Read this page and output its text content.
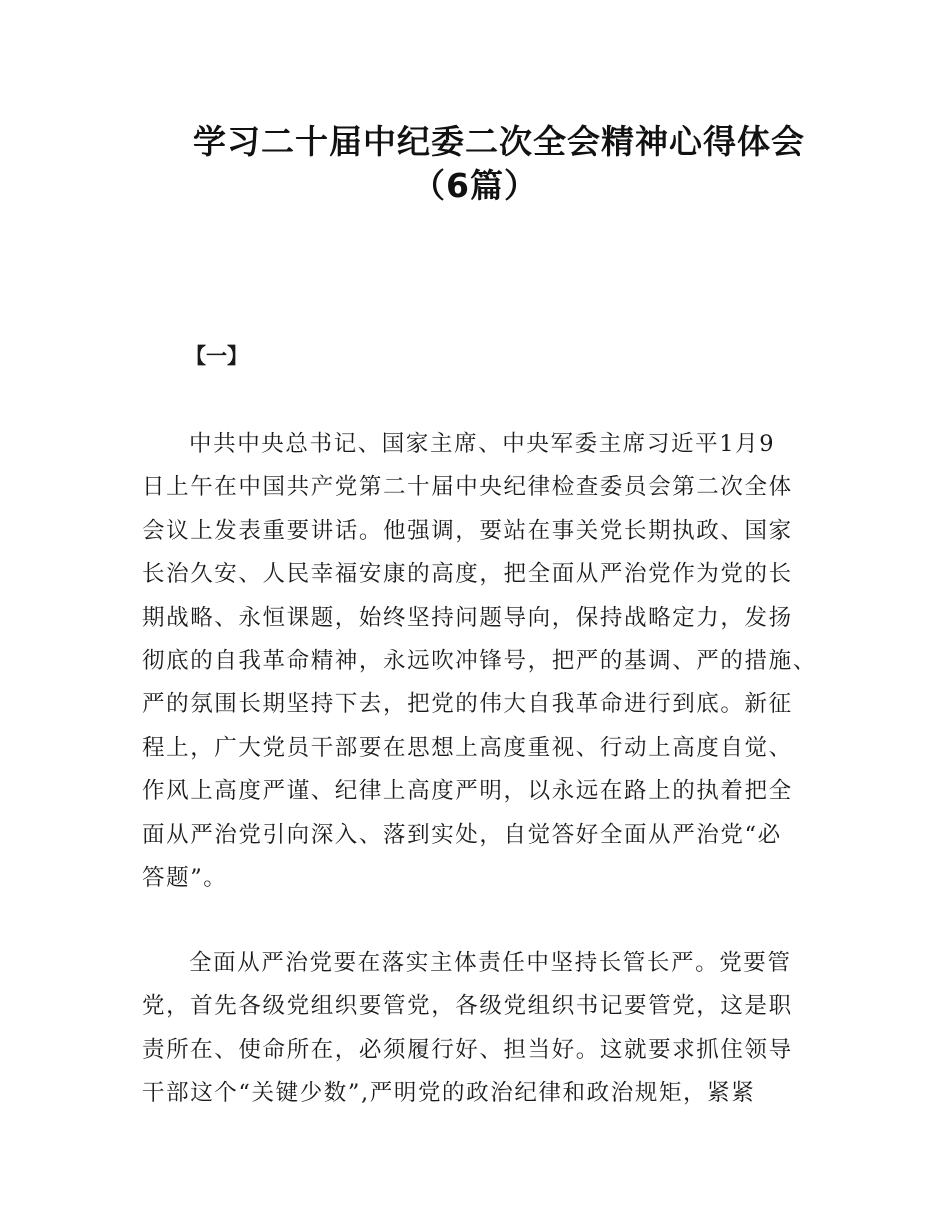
学习二十届中纪委二次全会精神心得体会
（6篇）

【一】

中共中央总书记、国家主席、中央军委主席习近平1月9
日上午在中国共产党第二十届中央纪律检查委员会第二次全体
会议上发表重要讲话。他强调，要站在事关党长期执政、国家
长治久安、人民幸福安康的高度，把全面从严治党作为党的长
期战略、永恒课题，始终坚持问题导向，保持战略定力，发扬
彻底的自我革命精神，永远吹冲锋号，把严的基调、严的措施、
严的氛围长期坚持下去，把党的伟大自我革命进行到底。新征
程上，广大党员干部要在思想上高度重视、行动上高度自觉、
作风上高度严谨、纪律上高度严明，以永远在路上的执着把全
面从严治党引向深入、落到实处，自觉答好全面从严治党“必
答题”。
全面从严治党要在落实主体责任中坚持长管长严。党要管
党，首先各级党组织要管党，各级党组织书记要管党，这是职
责所在、使命所在，必须履行好、担当好。这就要求抓住领导
干部这个“关键少数”,严明党的政治纪律和政治规矩，紧紧
